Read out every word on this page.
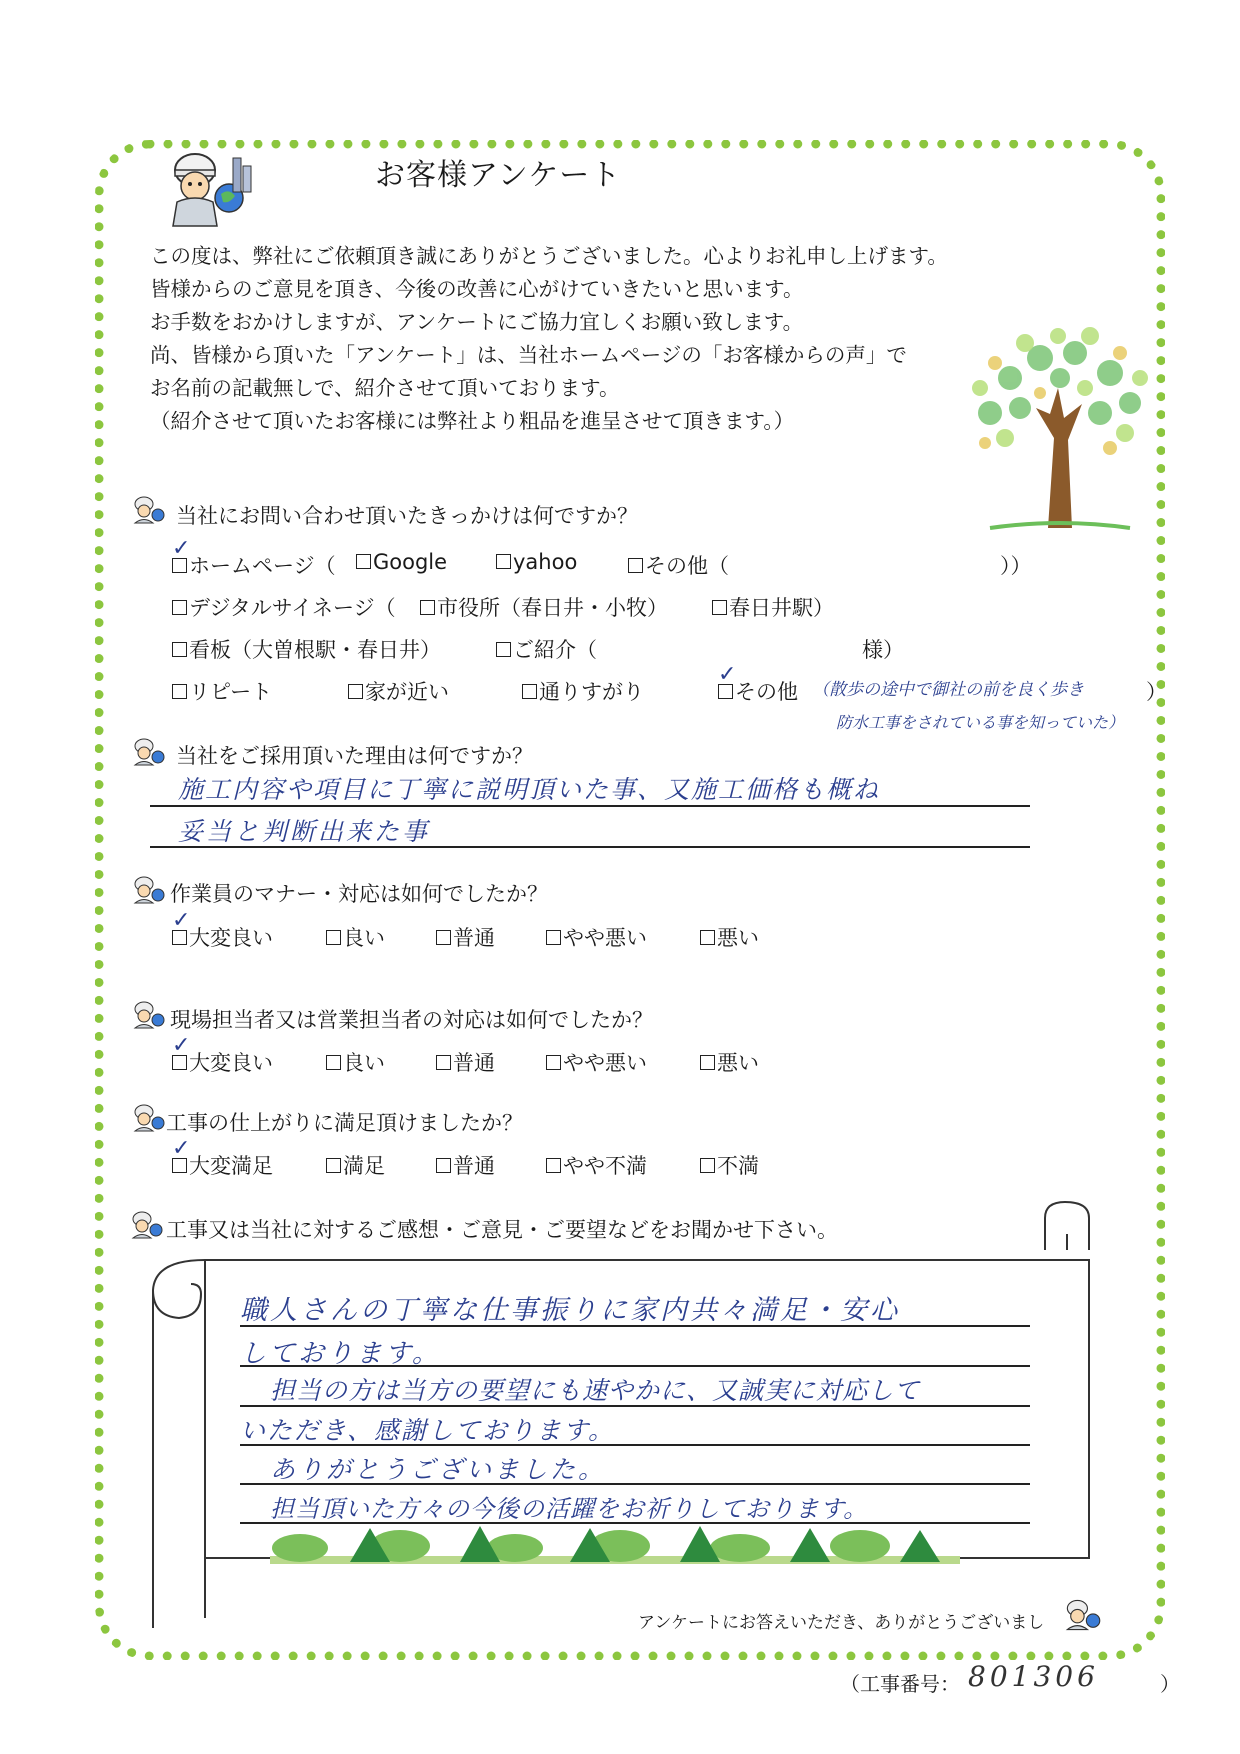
お客様アンケート
この度は、弊社にご依頼頂き誠にありがとうございました。心よりお礼申し上げます。
皆様からのご意見を頂き、今後の改善に心がけていきたいと思います。
お手数をおかけしますが、アンケートにご協力宜しくお願い致します。
尚、皆様から頂いた「アンケート」は、当社ホームページの「お客様からの声」で
お名前の記載無しで、紹介させて頂いております。
（紹介させて頂いたお客様には弊社より粗品を進呈させて頂きます。）
当社にお問い合わせ頂いたきっかけは何ですか？
ホームページ（
✓
Google	yahoo	その他（	））
デジタルサイネージ（	市役所（春日井・小牧）	春日井駅）
看板（大曽根駅・春日井）	ご紹介（	様）
リピート	家が近い	通りすがり	その他
✓
（散歩の途中で御社の前を良く歩き	）
防水工事をされている事を知っていた）
当社をご採用頂いた理由は何ですか？
施工内容や項目に丁寧に説明頂いた事、又施工価格も概ね
妥当と判断出来た事
作業員のマナー・対応は如何でしたか？
大変良い
✓
良い	普通	やや悪い	悪い
現場担当者又は営業担当者の対応は如何でしたか？
大変良い
✓
良い	普通	やや悪い	悪い
工事の仕上がりに満足頂けましたか？
大変満足
✓
満足	普通	やや不満	不満
工事又は当社に対するご感想・ご意見・ご要望などをお聞かせ下さい。
職人さんの丁寧な仕事振りに家内共々満足・安心
しております。
担当の方は当方の要望にも速やかに、又誠実に対応して
いただき、感謝しております。
ありがとうございました。
担当頂いた方々の今後の活躍をお祈りしております。
アンケートにお答えいただき、ありがとうございまし
（工事番号： 801306	）
